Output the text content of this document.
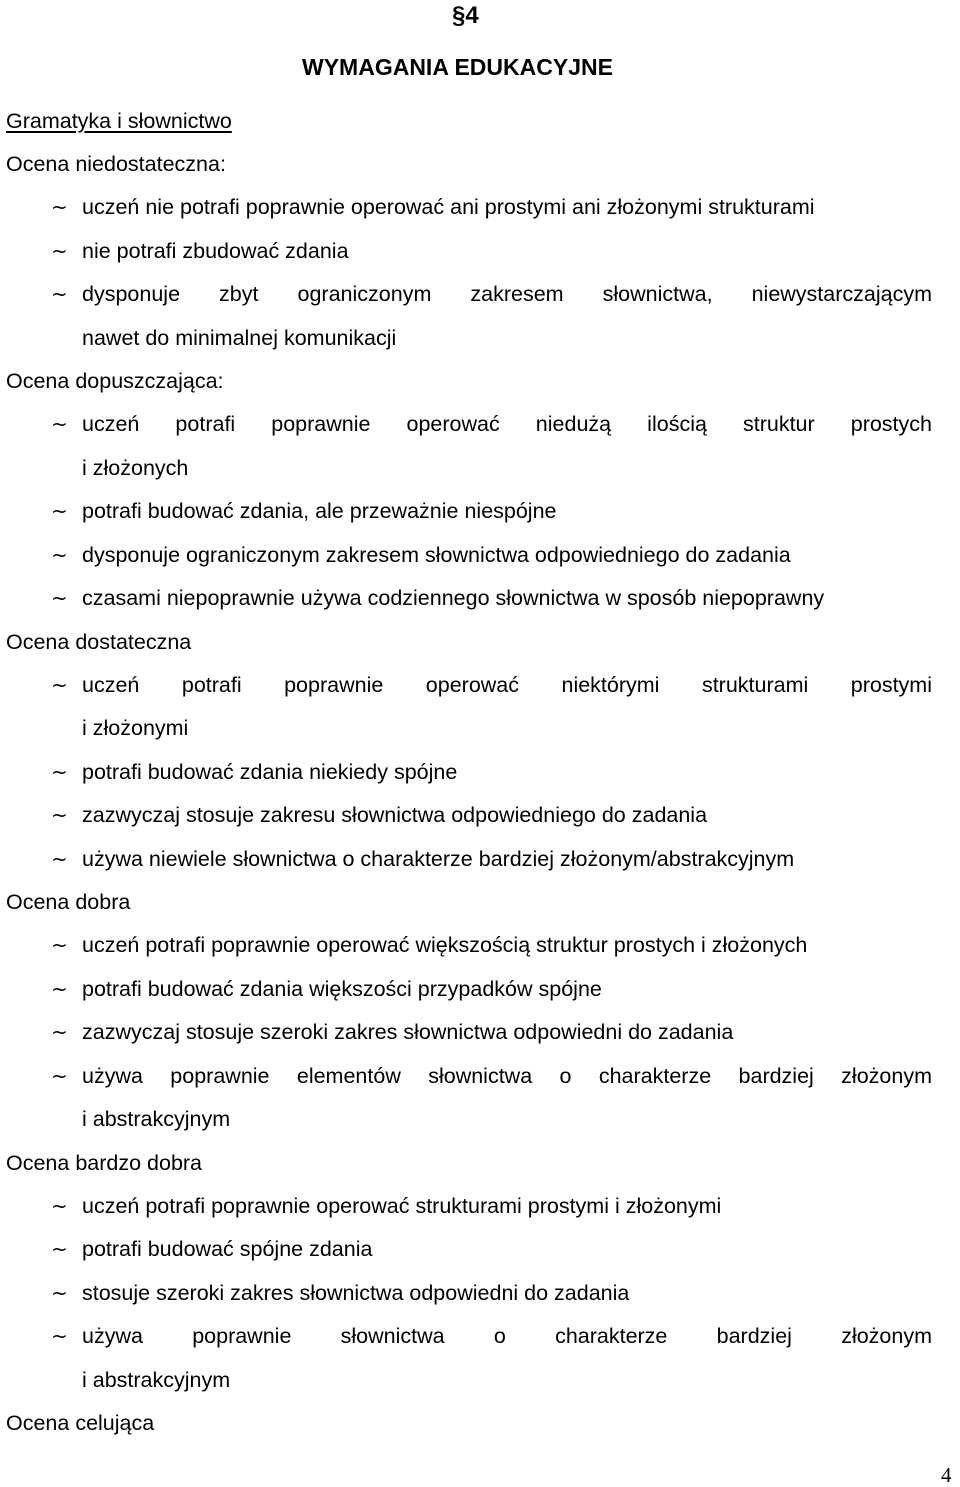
§4
WYMAGANIA EDUKACYJNE
Gramatyka i słownictwo
Ocena niedostateczna:
~ uczeń nie potrafi poprawnie operować ani prostymi ani złożonymi strukturami
~ nie potrafi zbudować zdania
~ dysponuje zbyt ograniczonym zakresem słownictwa, niewystarczającym
nawet do minimalnej komunikacji
Ocena dopuszczająca:
~ uczeń potrafi poprawnie operować niedużą ilością struktur prostych
i złożonych
~ potrafi budować zdania, ale przeważnie niespójne
~ dysponuje ograniczonym zakresem słownictwa odpowiedniego do zadania
~ czasami niepoprawnie używa codziennego słownictwa w sposób niepoprawny
Ocena dostateczna
~ uczeń potrafi poprawnie operować niektórymi strukturami prostymi
i złożonymi
~ potrafi budować zdania niekiedy spójne
~ zazwyczaj stosuje zakresu słownictwa odpowiedniego do zadania
~ używa niewiele słownictwa o charakterze bardziej złożonym/abstrakcyjnym
Ocena dobra
~ uczeń potrafi poprawnie operować większością struktur prostych i złożonych
~ potrafi budować zdania większości przypadków spójne
~ zazwyczaj stosuje szeroki zakres słownictwa odpowiedni do zadania
~ używa poprawnie elementów słownictwa o charakterze bardziej złożonym
i abstrakcyjnym
Ocena bardzo dobra
~ uczeń potrafi poprawnie operować strukturami prostymi i złożonymi
~ potrafi budować spójne zdania
~ stosuje szeroki zakres słownictwa odpowiedni do zadania
~ używa poprawnie słownictwa o charakterze bardziej złożonym
i abstrakcyjnym
Ocena celująca
4
